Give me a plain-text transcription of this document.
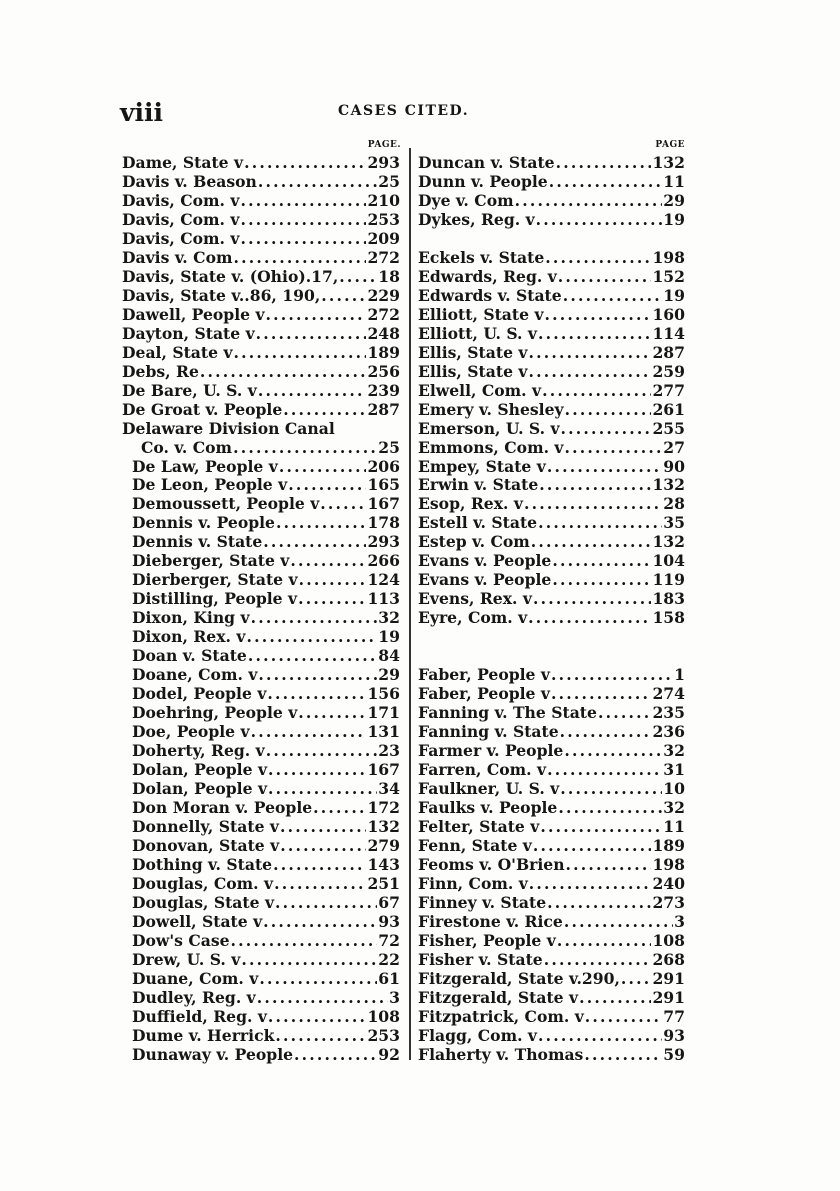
viii	CASES CITED.
PAGE.	PAGE
Dame, State v .....	293
Davis v. Beason .....	25
Davis, Com. v .....	210
Davis, Com. v .....	253
Davis, Com. v .....	209
Davis v. Com .....	272
Davis, State v. (Ohio).17, .....	18
Davis, State v..86, 190, .....	229
Dawell, People v .....	272
Dayton, State v .....	248
Deal, State v .....	189
Debs, Re .....	256
De Bare, U. S. v .....	239
De Groat v. People .....	287
Delaware Division Canal
Co. v. Com .....	25
De Law, People v .....	206
De Leon, People v .....	165
Demoussett, People v .....	167
Dennis v. People .....	178
Dennis v. State .....	293
Dieberger, State v .....	266
Dierberger, State v .....	124
Distilling, People v .....	113
Dixon, King v .....	32
Dixon, Rex. v .....	19
Doan v. State .....	84
Doane, Com. v .....	29
Dodel, People v .....	156
Doehring, People v .....	171
Doe, People v .....	131
Doherty, Reg. v .....	23
Dolan, People v .....	167
Dolan, People v .....	34
Don Moran v. People .....	172
Donnelly, State v .....	132
Donovan, State v .....	279
Dothing v. State .....	143
Douglas, Com. v .....	251
Douglas, State v .....	67
Dowell, State v .....	93
Dow's Case .....	72
Drew, U. S. v .....	22
Duane, Com. v .....	61
Dudley, Reg. v .....	3
Duffield, Reg. v .....	108
Dume v. Herrick .....	253
Dunaway v. People .....	92
Duncan v. State .....	132
Dunn v. People .....	11
Dye v. Com .....	29
Dykes, Reg. v .....	19
Eckels v. State .....	198
Edwards, Reg. v .....	152
Edwards v. State .....	19
Elliott, State v .....	160
Elliott, U. S. v .....	114
Ellis, State v .....	287
Ellis, State v .....	259
Elwell, Com. v .....	277
Emery v. Shesley .....	261
Emerson, U. S. v .....	255
Emmons, Com. v .....	27
Empey, State v .....	90
Erwin v. State .....	132
Esop, Rex. v .....	28
Estell v. State .....	35
Estep v. Com .....	132
Evans v. People .....	104
Evans v. People .....	119
Evens, Rex. v .....	183
Eyre, Com. v .....	158
Faber, People v .....	1
Faber, People v .....	274
Fanning v. The State .....	235
Fanning v. State .....	236
Farmer v. People .....	32
Farren, Com. v .....	31
Faulkner, U. S. v .....	10
Faulks v. People .....	32
Felter, State v .....	11
Fenn, State v .....	189
Feoms v. O'Brien .....	198
Finn, Com. v .....	240
Finney v. State .....	273
Firestone v. Rice .....	3
Fisher, People v .....	108
Fisher v. State .....	268
Fitzgerald, State v.290, ..... 291
Fitzgerald, State v .....	291
Fitzpatrick, Com. v .....	77
Flagg, Com. v .....	93
Flaherty v. Thomas .....	59
